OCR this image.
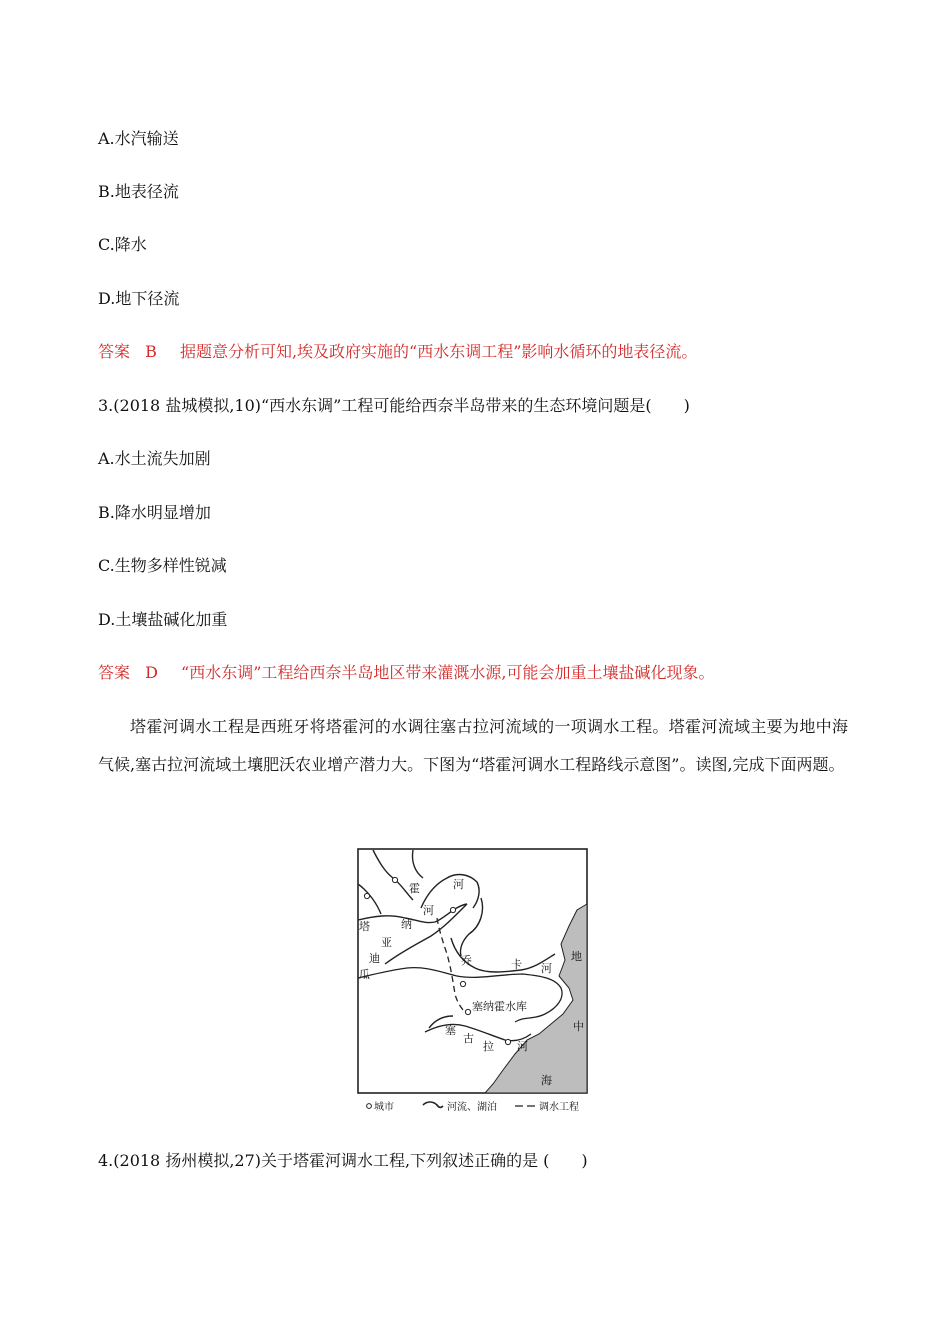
A.水汽输送
B.地表径流
C.降水
D.地下径流
答案 B 据题意分析可知,埃及政府实施的“西水东调工程”影响水循环的地表径流。
3.(2018 盐城模拟,10)“西水东调”工程可能给西奈半岛带来的生态环境问题是(　　)
A.水土流失加剧
B.降水明显增加
C.生物多样性锐减
D.土壤盐碱化加重
答案 D “西水东调”工程给西奈半岛地区带来灌溉水源,可能会加重土壤盐碱化现象。
塔霍河调水工程是西班牙将塔霍河的水调往塞古拉河流域的一项调水工程。塔霍河流域主要为地中海气候,塞古拉河流域土壤肥沃农业增产潜力大。下图为“塔霍河调水工程路线示意图”。读图,完成下面两题。
霍	河
河
塔	纳
亚
迪
瓜
乔	卡 河
塞纳霍水库
塞
古
拉 河
地
中
海
城市	河流、湖泊	调水工程
4.(2018 扬州模拟,27)关于塔霍河调水工程,下列叙述正确的是 (　　)
